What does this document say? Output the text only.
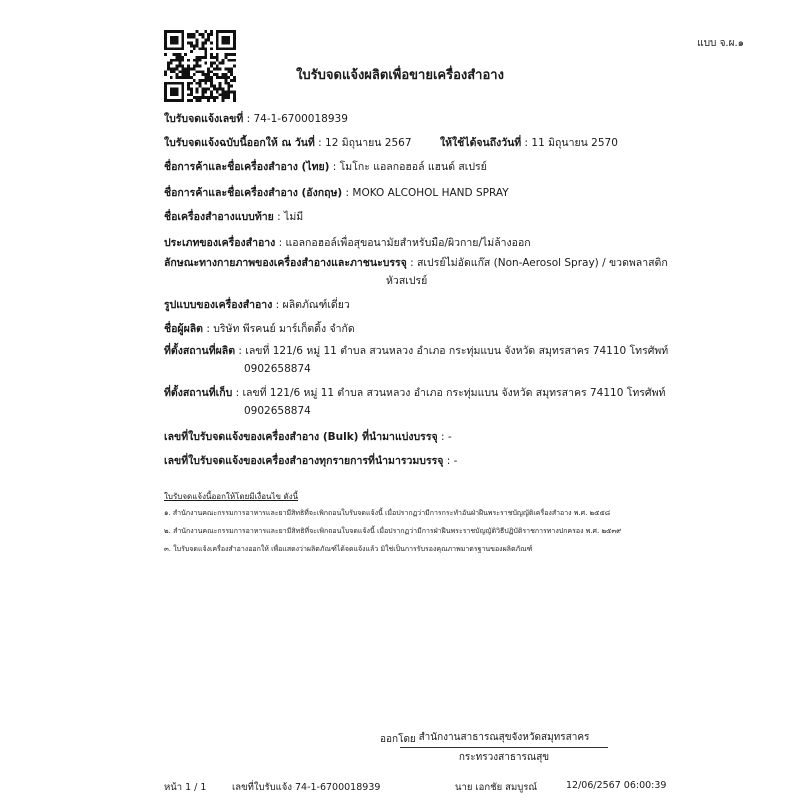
แบบ จ.ผ.๑
ใบรับจดแจ้งผลิตเพื่อขายเครื่องสำอาง
ใบรับจดแจ้งเลขที่ : 74-1-6700018939
ใบรับจดแจ้งฉบับนี้ออกให้ ณ วันที่ : 12 มิถุนายน 2567	ให้ใช้ได้จนถึงวันที่ : 11 มิถุนายน 2570
ชื่อการค้าและชื่อเครื่องสำอาง (ไทย) : โมโกะ แอลกอฮอล์ แฮนด์ สเปรย์
ชื่อการค้าและชื่อเครื่องสำอาง (อังกฤษ) : MOKO ALCOHOL HAND SPRAY
ชื่อเครื่องสำอางแบบท้าย : ไม่มี
ประเภทของเครื่องสำอาง : แอลกอฮอล์เพื่อสุขอนามัยสำหรับมือ/ผิวกาย/ไม่ล้างออก
ลักษณะทางกายภาพของเครื่องสำอางและภาชนะบรรจุ : สเปรย์ไม่อัดแก๊ส (Non-Aerosol Spray) / ขวดพลาสติก
หัวสเปรย์
รูปแบบของเครื่องสำอาง : ผลิตภัณฑ์เดี่ยว
ชื่อผู้ผลิต : บริษัท พีรคนย์ มาร์เก็ตติ้ง จำกัด
ที่ตั้งสถานที่ผลิต : เลขที่ 121/6 หมู่ 11 ตำบล สวนหลวง อำเภอ กระทุ่มแบน จังหวัด สมุทรสาคร 74110 โทรศัพท์
0902658874
ที่ตั้งสถานที่เก็บ : เลขที่ 121/6 หมู่ 11 ตำบล สวนหลวง อำเภอ กระทุ่มแบน จังหวัด สมุทรสาคร 74110 โทรศัพท์
0902658874
เลขที่ใบรับจดแจ้งของเครื่องสำอาง (Bulk) ที่นำมาแบ่งบรรจุ : -
เลขที่ใบรับจดแจ้งของเครื่องสำอางทุกรายการที่นำมารวมบรรจุ : -
ใบรับจดแจ้งนี้ออกให้โดยมีเงื่อนไข ดังนี้
๑. สำนักงานคณะกรรมการอาหารและยามีสิทธิที่จะเพิกถอนใบรับจดแจ้งนี้ เมื่อปรากฏว่ามีการกระทำอันฝ่าฝืนพระราชบัญญัติเครื่องสำอาง พ.ศ. ๒๕๕๘
๒. สำนักงานคณะกรรมการอาหารและยามีสิทธิที่จะเพิกถอนใบจดแจ้งนี้ เมื่อปรากฏว่ามีการฝ่าฝืนพระราชบัญญัติวิธีปฏิบัติราชการทางปกครอง พ.ศ. ๒๕๓๙
๓. ใบรับจดแจ้งเครื่องสำอางออกให้ เพื่อแสดงว่าผลิตภัณฑ์ได้จดแจ้งแล้ว มิใช่เป็นการรับรองคุณภาพมาตรฐานของผลิตภัณฑ์
ออกโดย สำนักงานสาธารณสุขจังหวัดสมุทรสาคร
กระทรวงสาธารณสุข
หน้า 1 / 1	เลขที่ใบรับแจ้ง 74-1-6700018939	นาย เอกชัย สมบูรณ์	12/06/2567 06:00:39
